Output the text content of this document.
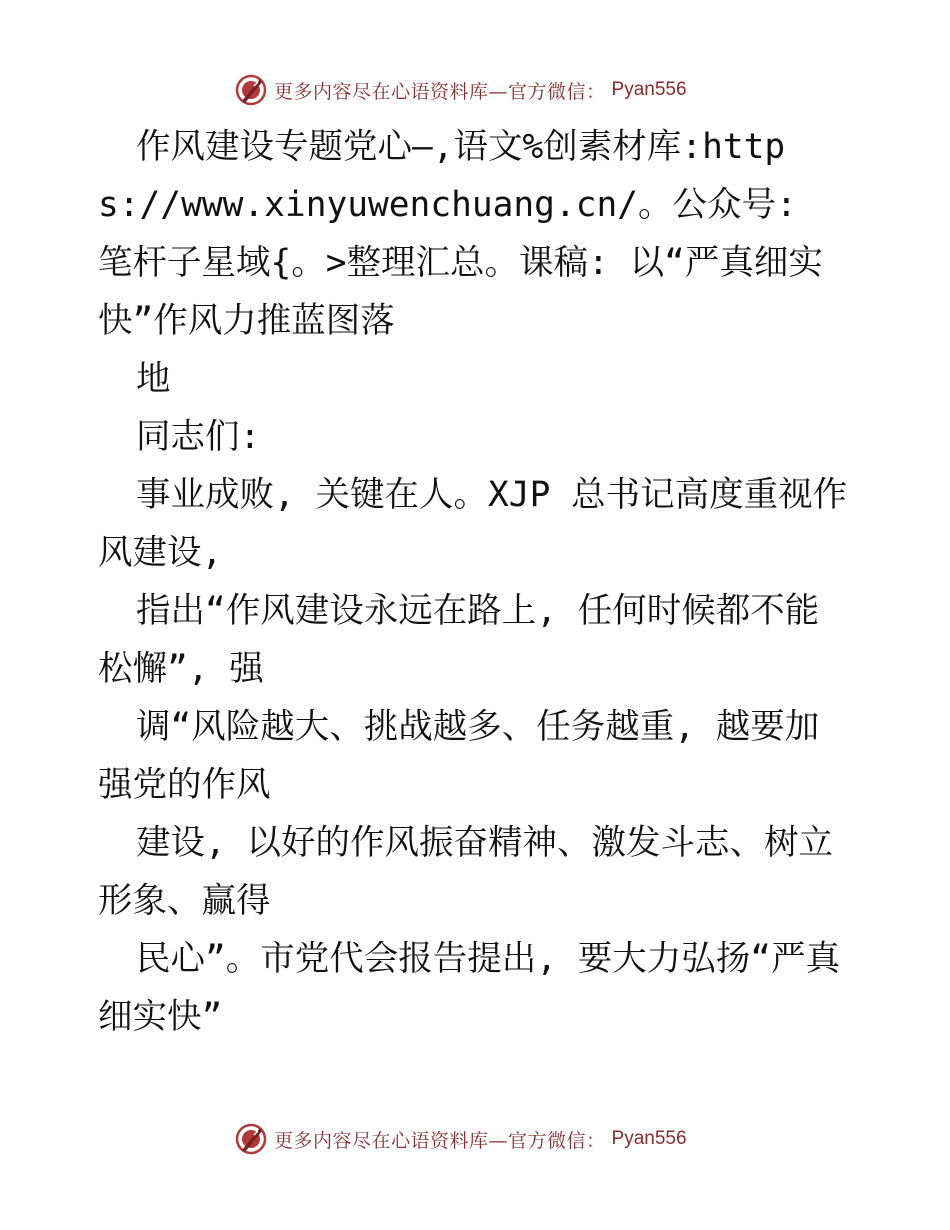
更多内容尽在心语资料库—官方微信： Pyan556

作风建设专题党心—,语文%创素材库:https://www.xinyuwenchuang.cn/。公众号: 笔杆子星域{。>整理汇总。课稿: 以“严真细实快”作风力推蓝图落

地

同志们:

事业成败, 关键在人。XJP 总书记高度重视作风建设,

指出“作风建设永远在路上, 任何时候都不能松懈”, 强

调“风险越大、挑战越多、任务越重, 越要加强党的作风

建设, 以好的作风振奋精神、激发斗志、树立形象、赢得

民心”。市党代会报告提出, 要大力弘扬“严真细实快”

更多内容尽在心语资料库—官方微信： Pyan556
